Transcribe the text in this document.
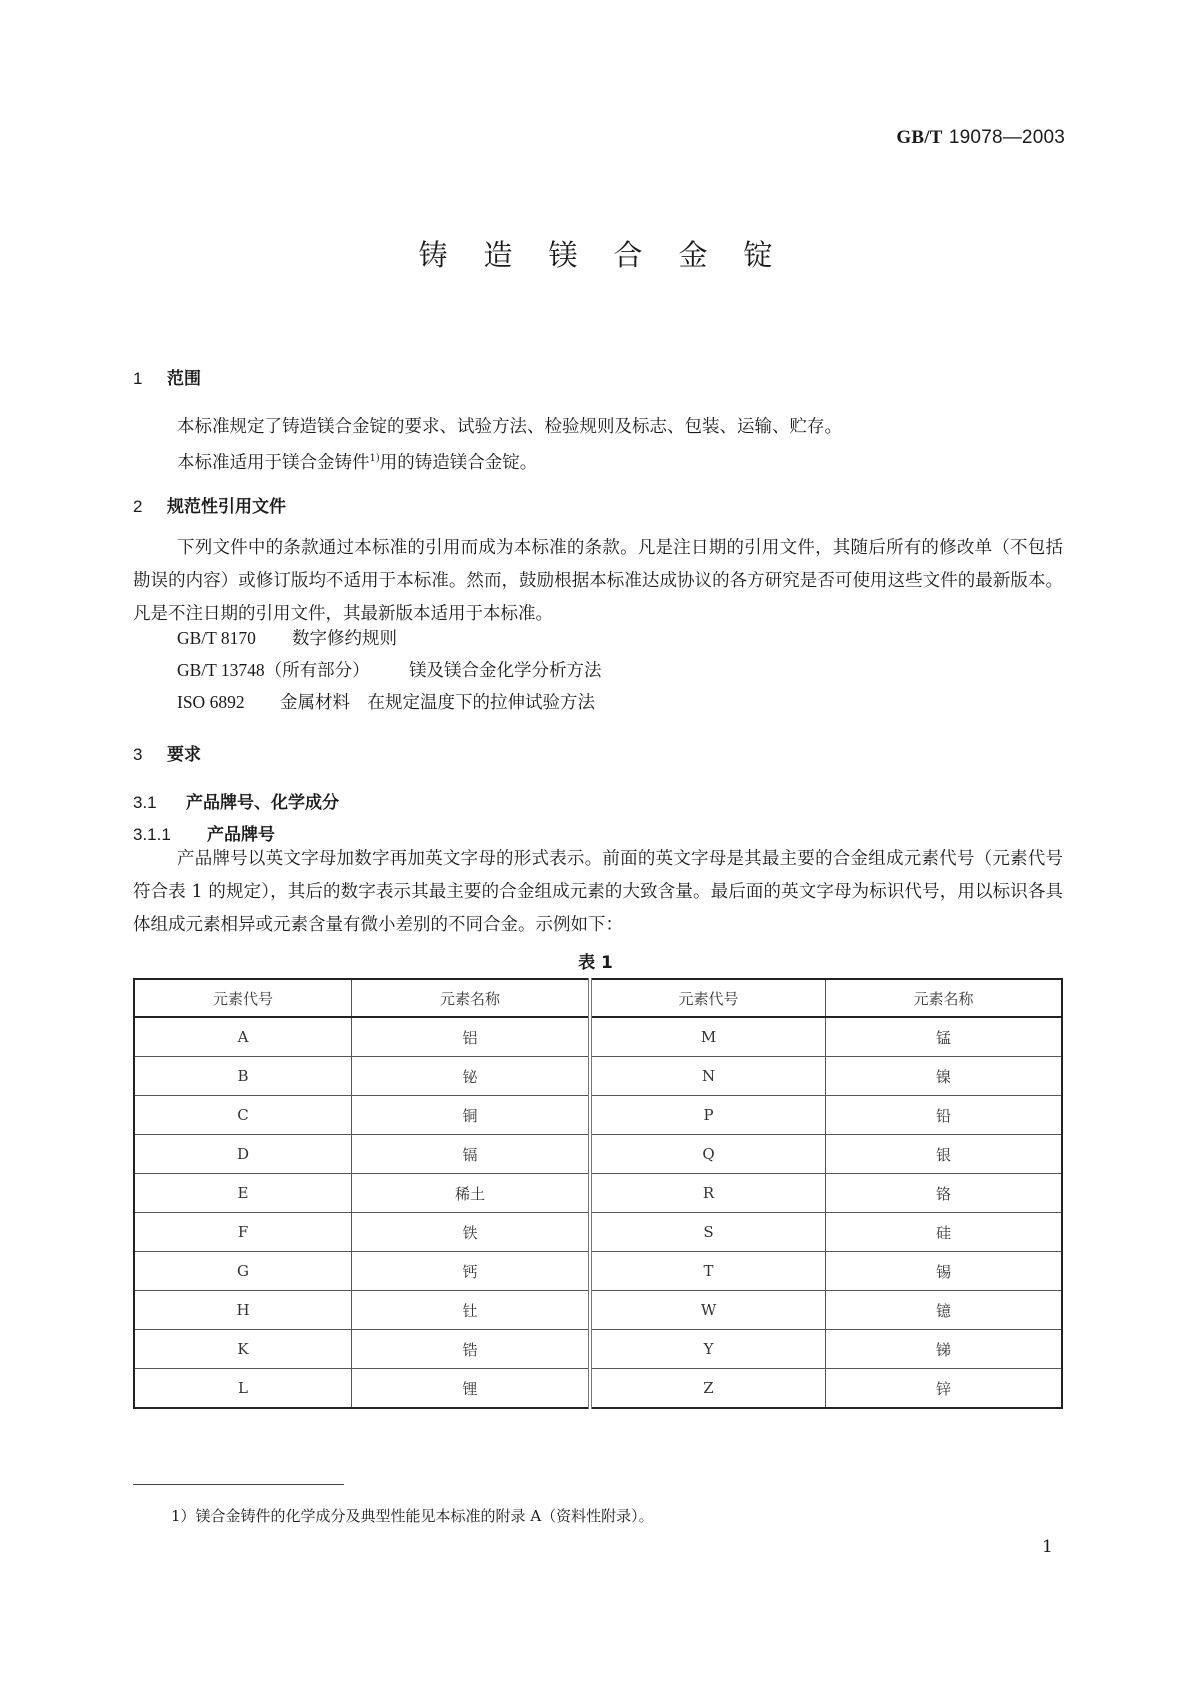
GB/T 19078—2003
铸造镁合金锭
1 范围
本标准规定了铸造镁合金锭的要求、试验方法、检验规则及标志、包装、运输、贮存。
本标准适用于镁合金铸件$^{1)}$用的铸造镁合金锭。
2 规范性引用文件
下列文件中的条款通过本标准的引用而成为本标准的条款。凡是注日期的引用文件，其随后所有的修改单（不包括勘误的内容）或修订版均不适用于本标准。然而，鼓励根据本标准达成协议的各方研究是否可使用这些文件的最新版本。凡是不注日期的引用文件，其最新版本适用于本标准。
GB/T 8170 数字修约规则
GB/T 13748（所有部分） 镁及镁合金化学分析方法
ISO 6892 金属材料　在规定温度下的拉伸试验方法
3 要求
3.1 产品牌号、化学成分
3.1.1 产品牌号
产品牌号以英文字母加数字再加英文字母的形式表示。前面的英文字母是其最主要的合金组成元素代号（元素代号符合表 1 的规定），其后的数字表示其最主要的合金组成元素的大致含量。最后面的英文字母为标识代号，用以标识各具体组成元素相异或元素含量有微小差别的不同合金。示例如下：
表 1
元素代号	元素名称	元素代号	元素名称
A	铝	M	锰
B	铋	N	镍
C	铜	P	铅
D	镉	Q	银
E	稀土	R	铬
F	铁	S	硅
G	钙	T	锡
H	钍	W	镱
K	锆	Y	锑
L	锂	Z	锌
1）镁合金铸件的化学成分及典型性能见本标准的附录 A（资料性附录）。
1
